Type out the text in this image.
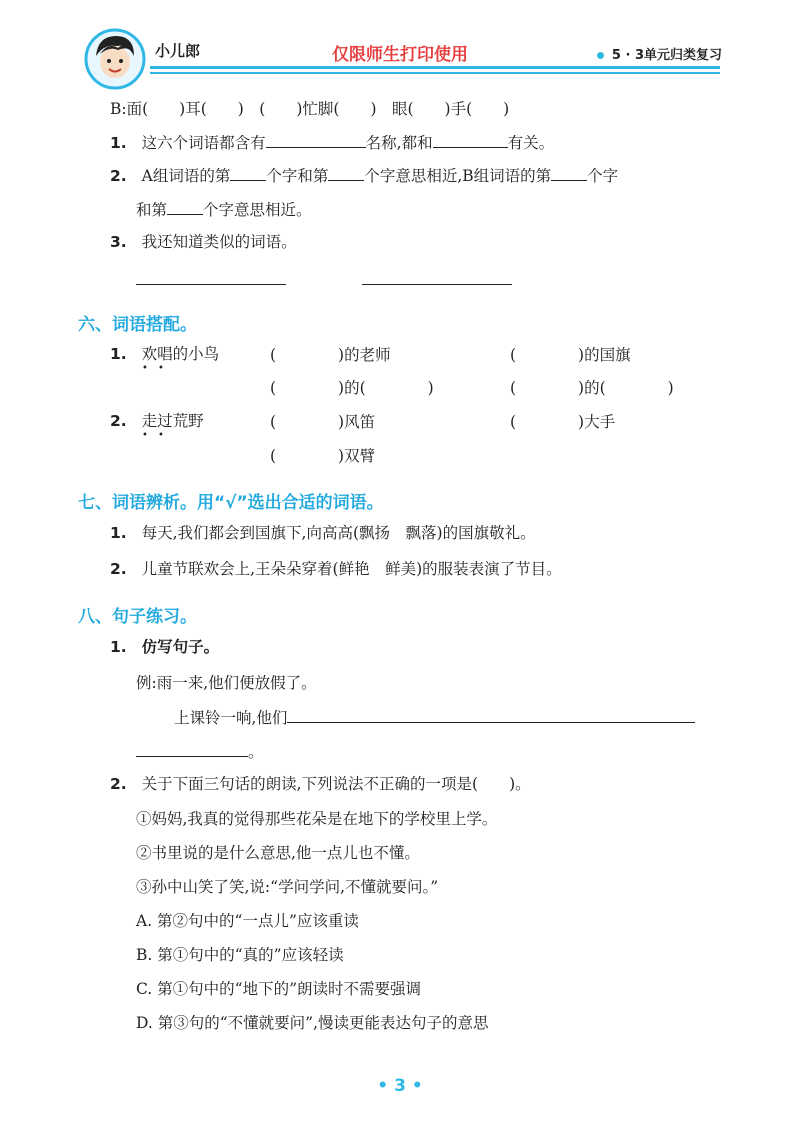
小儿郎	仅限师生打印使用	5 · 3单元归类复习
B:面(　　)耳(　　)　(　　)忙脚(　　)　眼(　　)手(　　)
1. 这六个词语都含有	名称,都和	有关。
2. A组词语的第 个字和第 个字意思相近,B组词语的第 个字
和第 个字意思相近。
3. 我还知道类似的词语。
六、词语搭配。
1. 欢唱的小鸟
• •
(　　　　)的老师	(　　　　)的国旗
(　　　　)的(　　　　)	(　　　　)的(　　　　)
2. 走过荒野
• •
(　　　　)风笛	(　　　　)大手
(　　　　)双臂
七、词语辨析。用“√”选出合适的词语。
1. 每天,我们都会到国旗下,向高高(飘扬　飘落)的国旗敬礼。
2. 儿童节联欢会上,王朵朵穿着(鲜艳　鲜美)的服装表演了节目。
八、句子练习。
1. 仿写句子。
例:雨一来,他们便放假了。
上课铃一响,他们
。
2. 关于下面三句话的朗读,下列说法不正确的一项是(　　)。
①妈妈,我真的觉得那些花朵是在地下的学校里上学。
②书里说的是什么意思,他一点儿也不懂。
③孙中山笑了笑,说:“学问学问,不懂就要问。”
A. 第②句中的“一点儿”应该重读
B. 第①句中的“真的”应该轻读
C. 第①句中的“地下的”朗读时不需要强调
D. 第③句的“不懂就要问”,慢读更能表达句子的意思
• 3 •
